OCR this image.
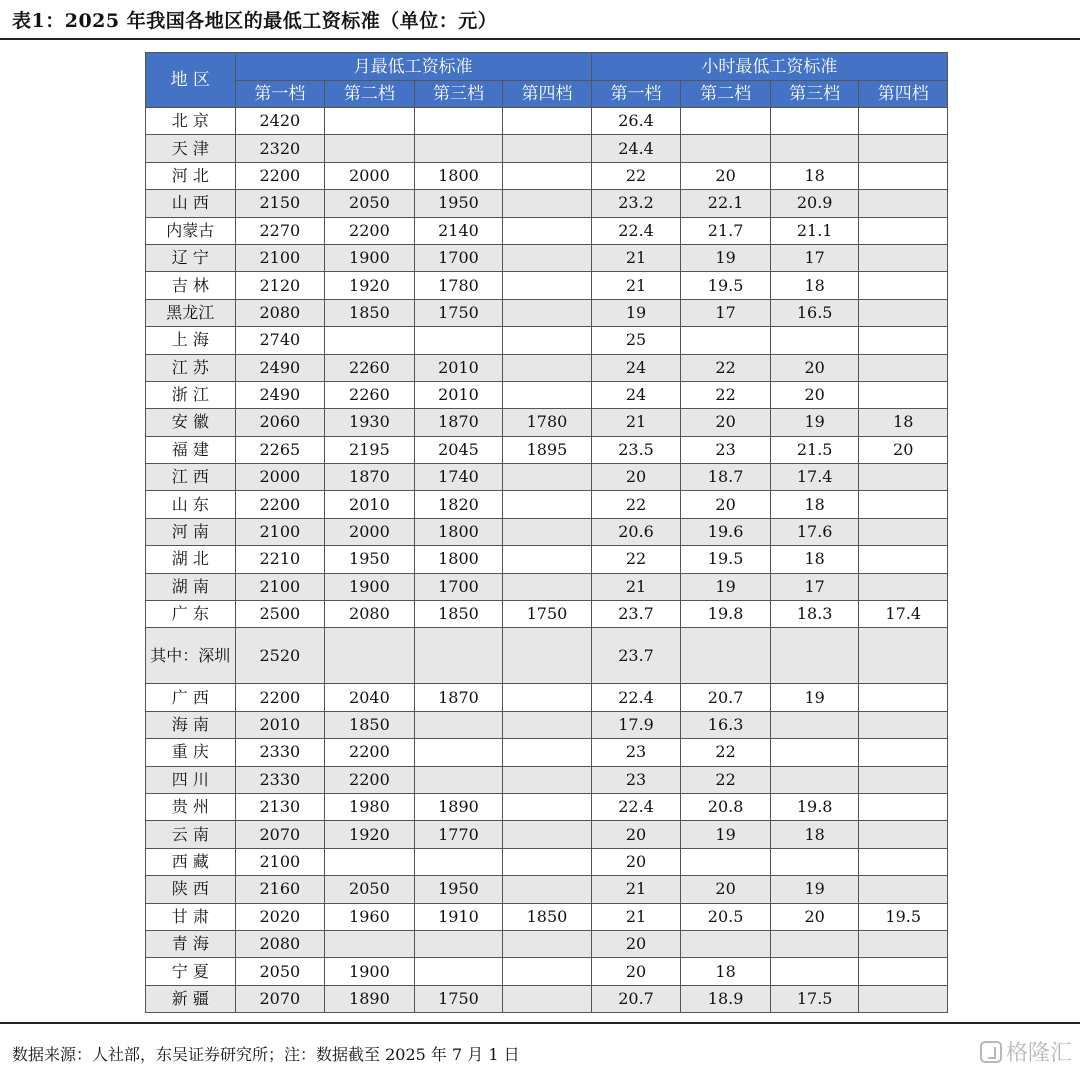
表1：2025 年我国各地区的最低工资标准（单位：元）
地 区	月最低工资标准				小时最低工资标准			
	第一档	第二档	第三档	第四档	第一档	第二档	第三档	第四档
北 京	2420				26.4			
天 津	2320				24.4			
河 北	2200	2000	1800		22	20	18	
山 西	2150	2050	1950		23.2	22.1	20.9	
内蒙古	2270	2200	2140		22.4	21.7	21.1	
辽 宁	2100	1900	1700		21	19	17	
吉 林	2120	1920	1780		21	19.5	18	
黑龙江	2080	1850	1750		19	17	16.5	
上 海	2740				25			
江 苏	2490	2260	2010		24	22	20	
浙 江	2490	2260	2010		24	22	20	
安 徽	2060	1930	1870	1780	21	20	19	18
福 建	2265	2195	2045	1895	23.5	23	21.5	20
江 西	2000	1870	1740		20	18.7	17.4	
山 东	2200	2010	1820		22	20	18	
河 南	2100	2000	1800		20.6	19.6	17.6	
湖 北	2210	1950	1800		22	19.5	18	
湖 南	2100	1900	1700		21	19	17	
广 东	2500	2080	1850	1750	23.7	19.8	18.3	17.4
其中：深圳	2520				23.7			
广 西	2200	2040	1870		22.4	20.7	19	
海 南	2010	1850			17.9	16.3		
重 庆	2330	2200			23	22		
四 川	2330	2200			23	22		
贵 州	2130	1980	1890		22.4	20.8	19.8	
云 南	2070	1920	1770		20	19	18	
西 藏	2100				20			
陕 西	2160	2050	1950		21	20	19	
甘 肃	2020	1960	1910	1850	21	20.5	20	19.5
青 海	2080				20			
宁 夏	2050	1900			20	18		
新 疆	2070	1890	1750		20.7	18.9	17.5	
数据来源：人社部，东吴证券研究所；注：数据截至 2025 年 7 月 1 日	格隆汇
